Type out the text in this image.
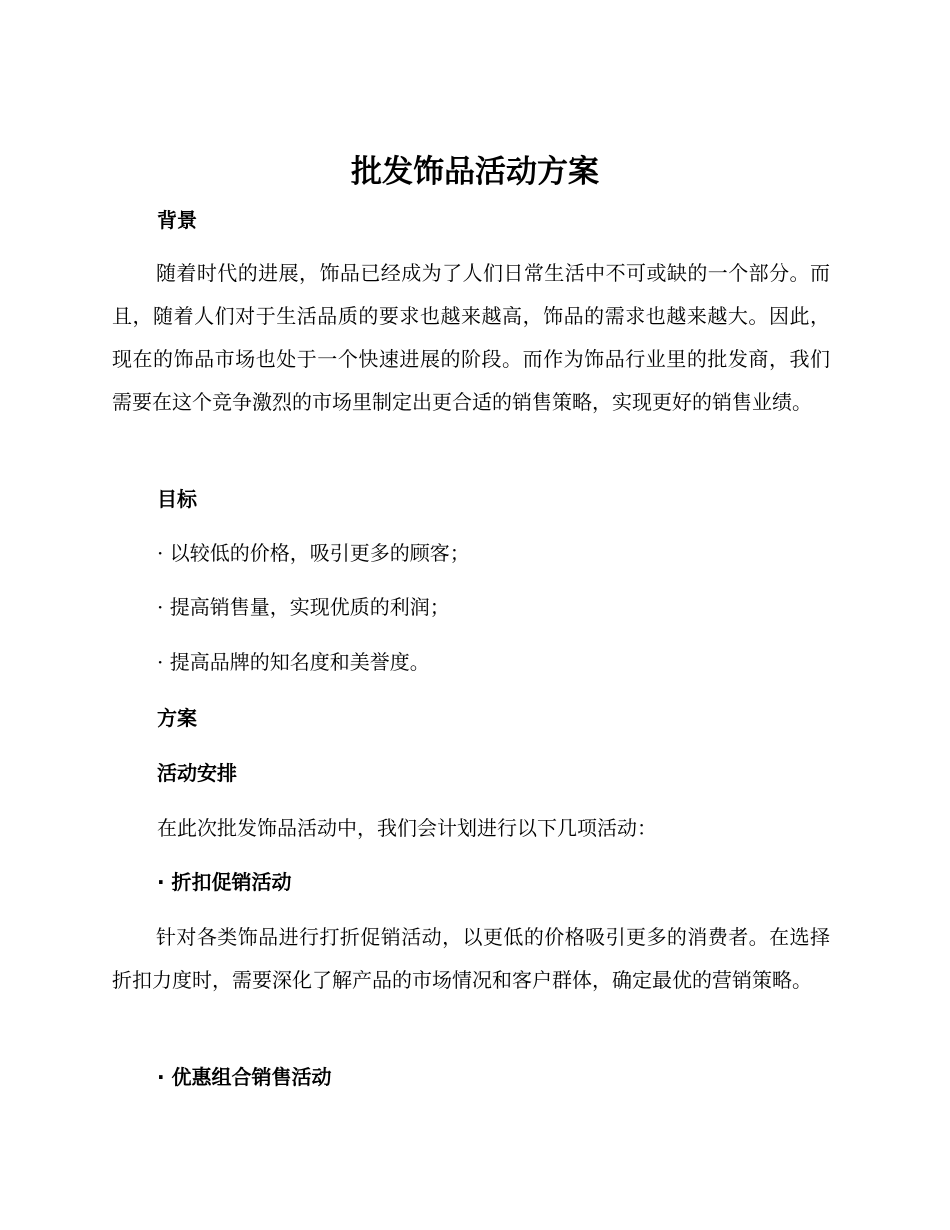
批发饰品活动方案
背景

随着时代的进展，饰品已经成为了人们日常生活中不可或缺的一个部分。而且，随着人们对于生活品质的要求也越来越高，饰品的需求也越来越大。因此，现在的饰品市场也处于一个快速进展的阶段。而作为饰品行业里的批发商，我们需要在这个竞争激烈的市场里制定出更合适的销售策略，实现更好的销售业绩。

目标
· 以较低的价格，吸引更多的顾客；
· 提高销售量，实现优质的利润；
· 提高品牌的知名度和美誉度。
方案
活动安排
在此次批发饰品活动中，我们会计划进行以下几项活动：
· 折扣促销活动

针对各类饰品进行打折促销活动，以更低的价格吸引更多的消费者。在选择折扣力度时，需要深化了解产品的市场情况和客户群体，确定最优的营销策略。

· 优惠组合销售活动
